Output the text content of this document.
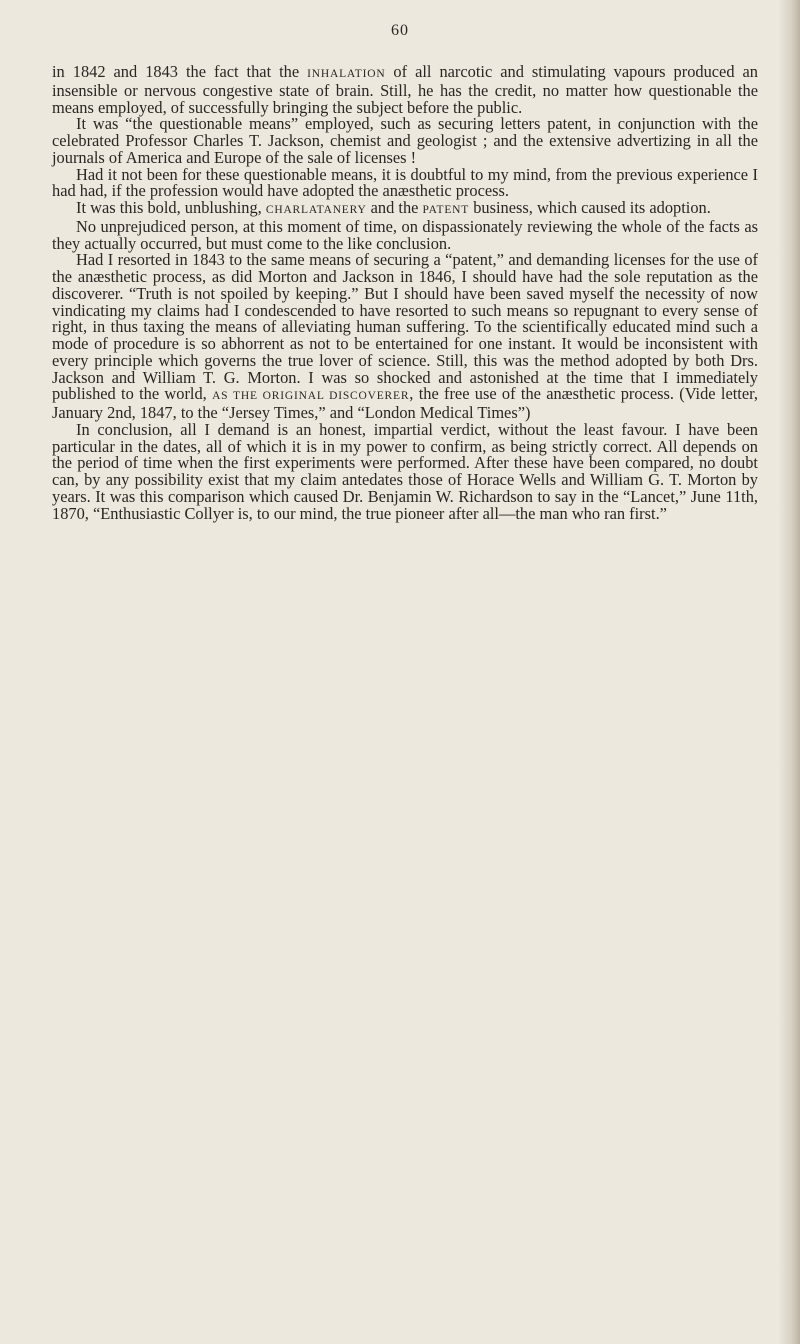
60

in 1842 and 1843 the fact that the INHALATION of all narcotic and stimulating vapours produced an insensible or nervous congestive state of brain. Still, he has the credit, no matter how questionable the means employed, of successfully bringing the subject before the public.

It was “the questionable means” employed, such as securing letters patent, in conjunction with the celebrated Professor Charles T. Jackson, chemist and geologist ; and the extensive advertizing in all the journals of America and Europe of the sale of licenses !

Had it not been for these questionable means, it is doubtful to my mind, from the previous experience I had had, if the profession would have adopted the anæsthetic process.

It was this bold, unblushing, CHARLATANERY and the PATENT business, which caused its adoption.

No unprejudiced person, at this moment of time, on dispassionately reviewing the whole of the facts as they actually occurred, but must come to the like conclusion.

Had I resorted in 1843 to the same means of securing a “patent,” and demanding licenses for the use of the anæsthetic process, as did Morton and Jackson in 1846, I should have had the sole reputation as the discoverer. “Truth is not spoiled by keeping.” But I should have been saved myself the necessity of now vindicating my claims had I condescended to have resorted to such means so repugnant to every sense of right, in thus taxing the means of alleviating human suffering. To the scientifically educated mind such a mode of procedure is so abhorrent as not to be entertained for one instant. It would be inconsistent with every principle which governs the true lover of science. Still, this was the method adopted by both Drs. Jackson and William T. G. Morton. I was so shocked and astonished at the time that I immediately published to the world, AS THE ORIGINAL DISCOVERER, the free use of the anæsthetic process. (Vide letter, January 2nd, 1847, to the “Jersey Times,” and “London Medical Times”)

In conclusion, all I demand is an honest, impartial verdict, without the least favour. I have been particular in the dates, all of which it is in my power to confirm, as being strictly correct. All depends on the period of time when the first experiments were performed. After these have been compared, no doubt can, by any possibility exist that my claim antedates those of Horace Wells and William G. T. Morton by years. It was this comparison which caused Dr. Benjamin W. Richardson to say in the “Lancet,” June 11th, 1870, “Enthusiastic Collyer is, to our mind, the true pioneer after all—the man who ran first.”
